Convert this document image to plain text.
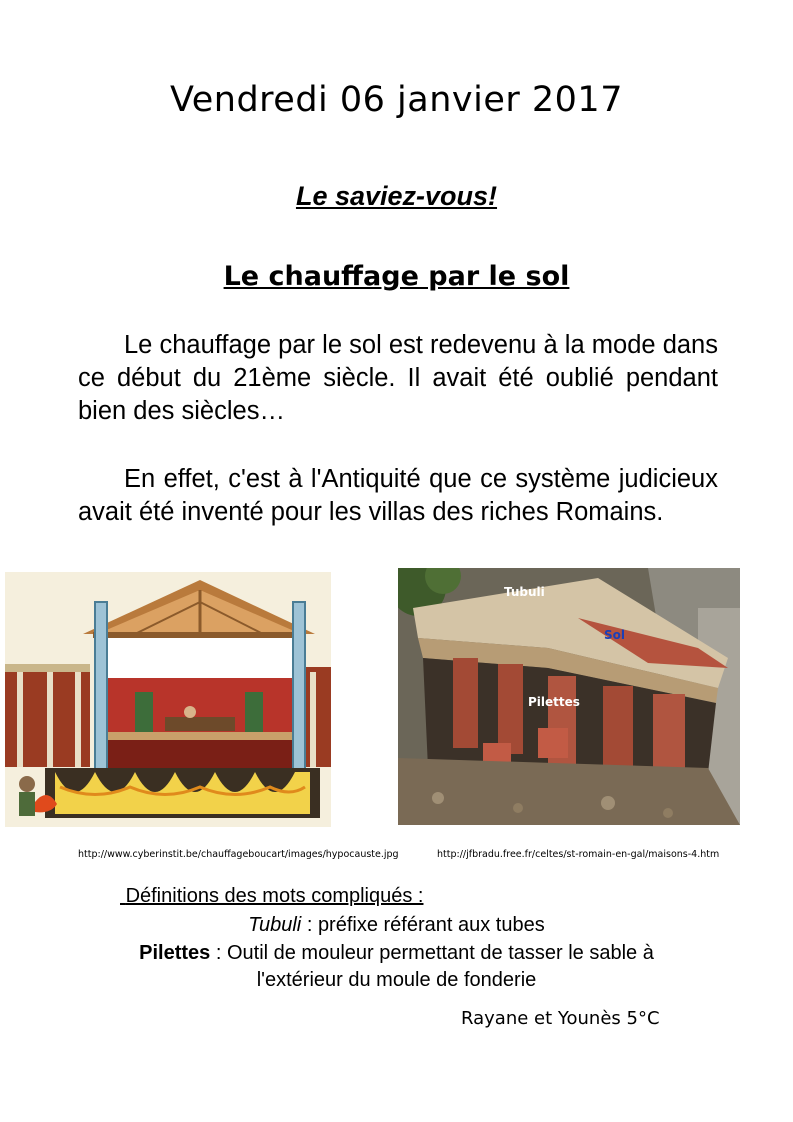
Vendredi 06 janvier 2017
Le saviez-vous!
Le chauffage par le sol
Le chauffage par le sol est redevenu à la mode dans ce début du 21ème siècle. Il avait été oublié pendant bien des siècles…
En effet, c'est à l'Antiquité que ce système judicieux avait été inventé pour les villas des riches Romains.
Tubuli
Sol
Pilettes
http://www.cyberinstit.be/chauffageboucart/images/hypocauste.jpg	http://jfbradu.free.fr/celtes/st-romain-en-gal/maisons-4.htm
Définitions des mots compliqués :
Tubuli : préfixe référant aux tubes
Pilettes : Outil de mouleur permettant de tasser le sable à
l'extérieur du moule de fonderie
Rayane et Younès 5°C
